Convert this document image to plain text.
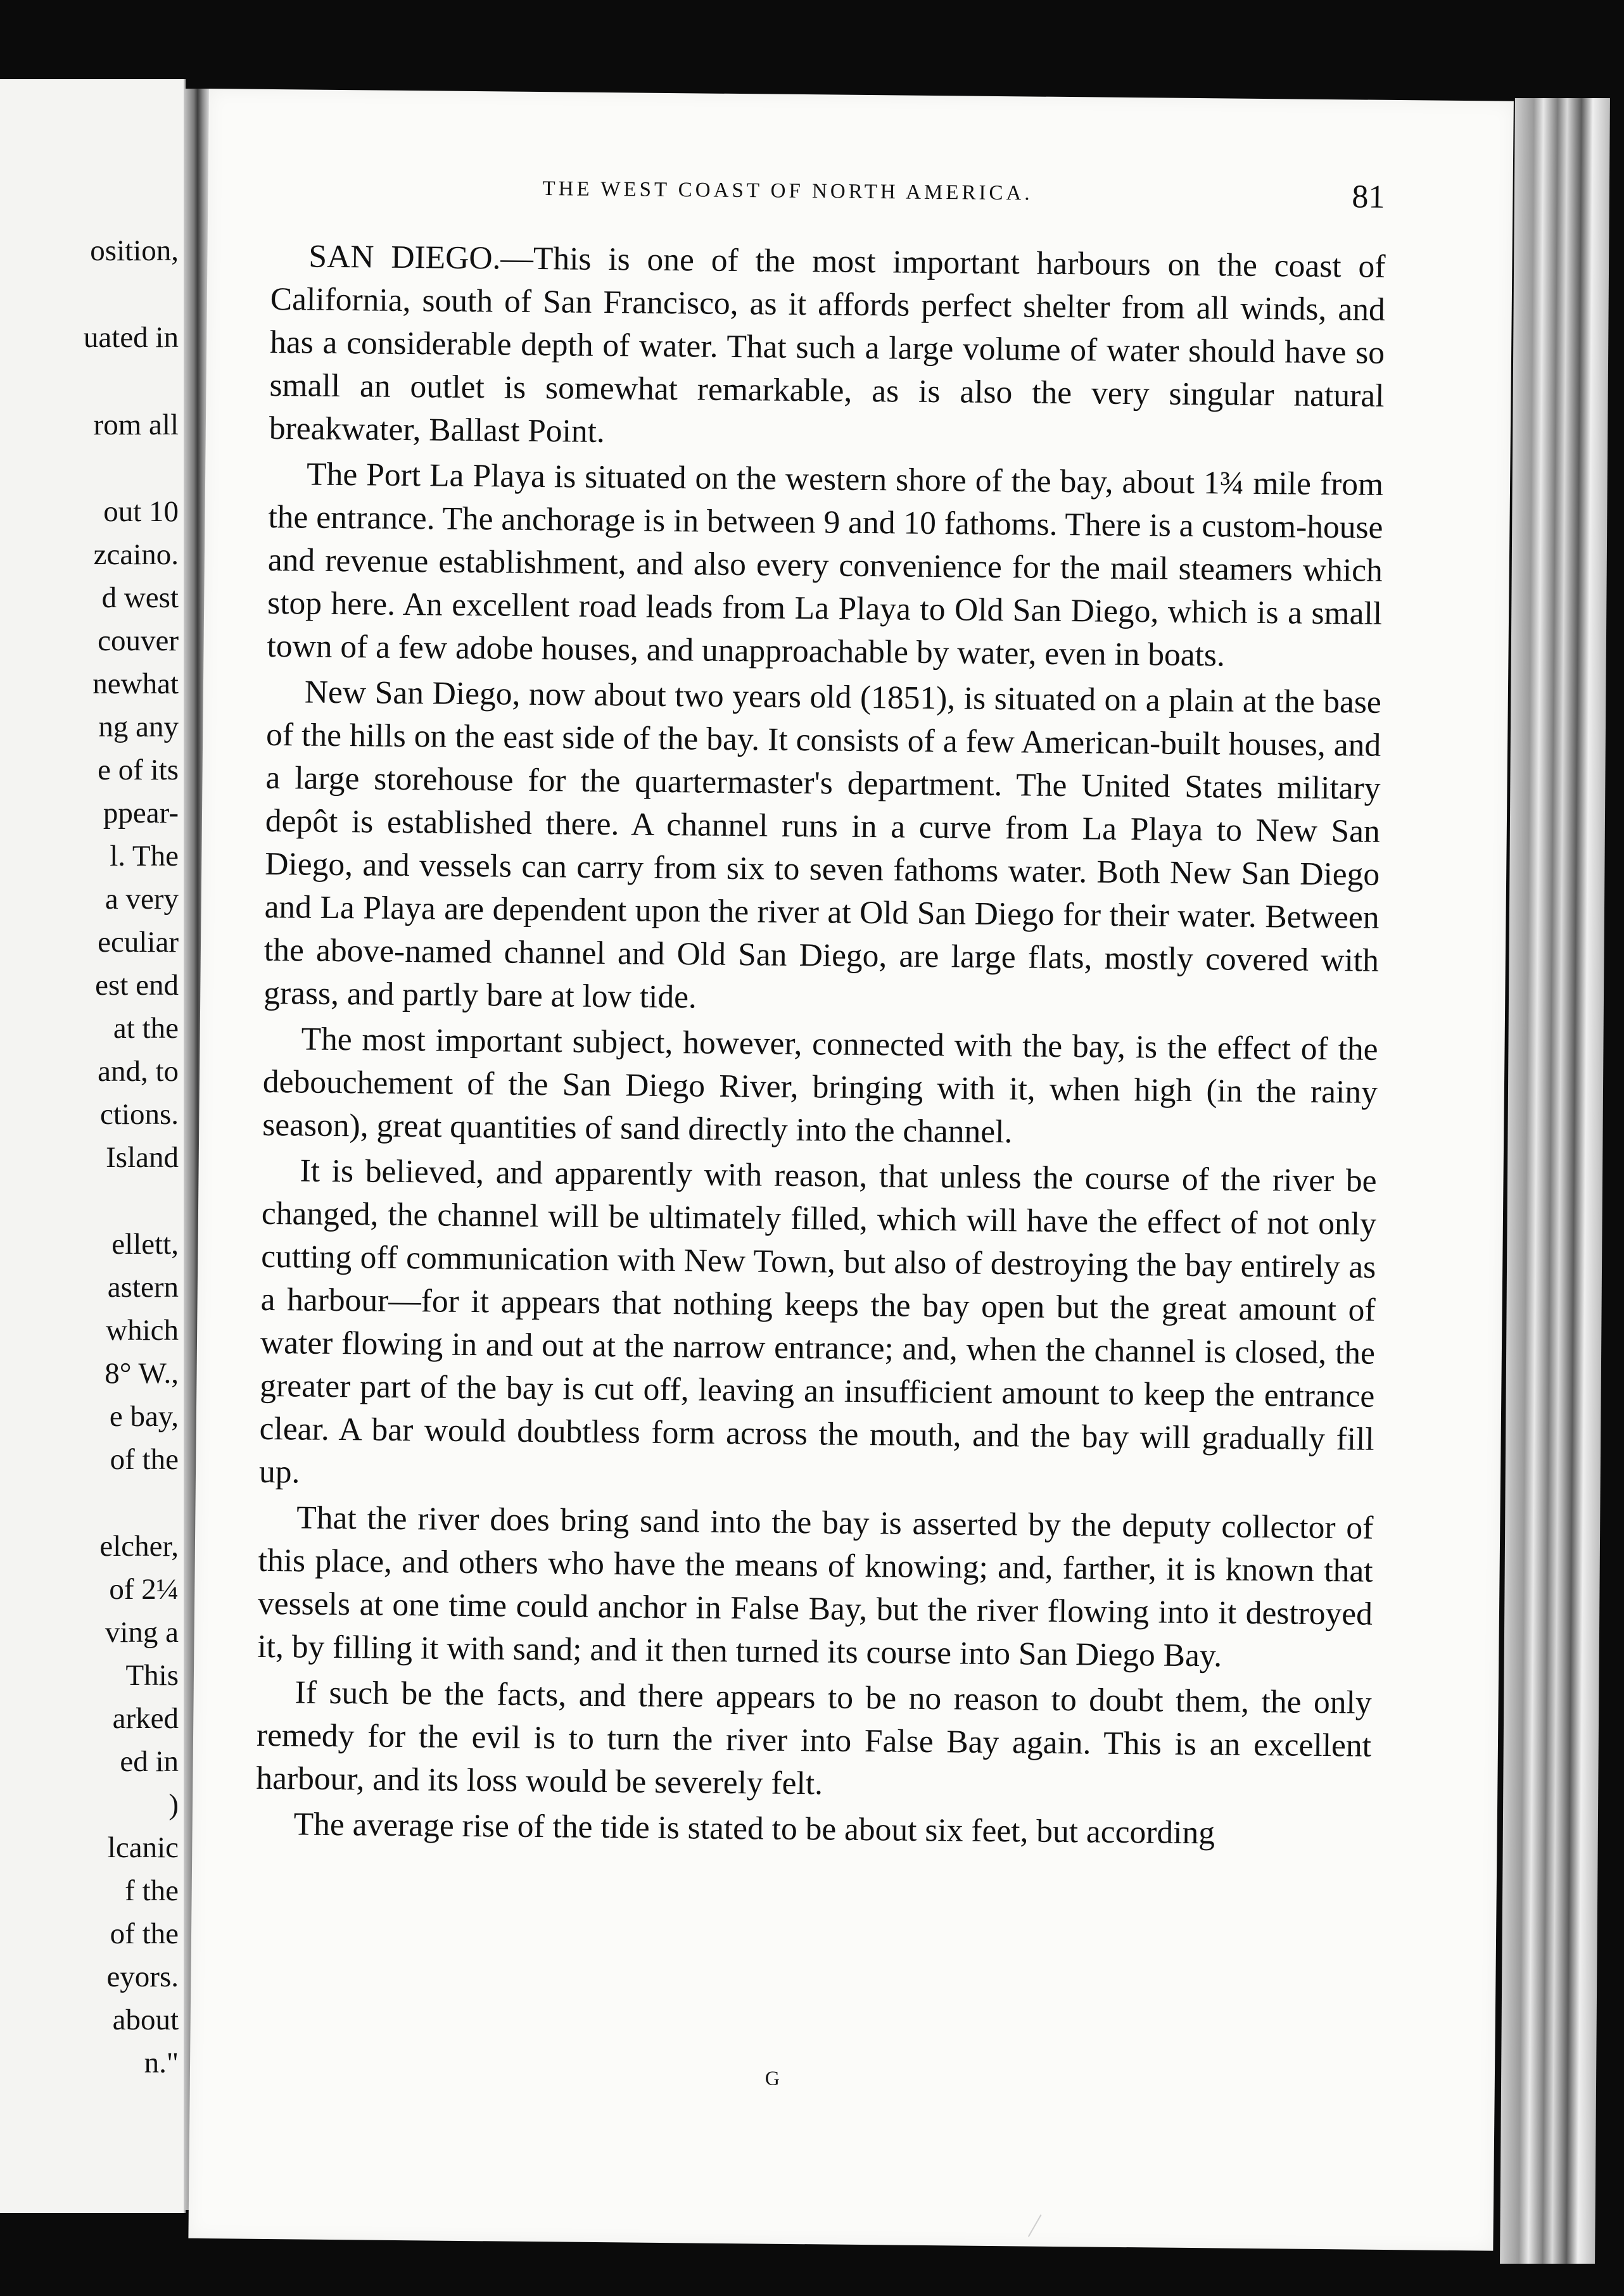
osition,
uated in
rom all
out 10
zcaino.
d west
couver
newhat
ng any
e of its
ppear-
l. The
a very
eculiar
est end
at the
and, to
ctions.
Island
ellett,
astern
which
8° W.,
e bay,
of the
elcher,
of 2¼
ving a
This
arked
ed in
)
lcanic
f the
of the
eyors.
about
n."
THE WEST COAST OF NORTH AMERICA.	81

SAN DIEGO.—This is one of the most important harbours on the coast of California, south of San Francisco, as it affords perfect shelter from all winds, and has a considerable depth of water. That such a large volume of water should have so small an outlet is somewhat remarkable, as is also the very singular natural breakwater, Ballast Point.

The Port La Playa is situated on the western shore of the bay, about 1¾ mile from the entrance. The anchorage is in between 9 and 10 fathoms. There is a custom-house and revenue establishment, and also every convenience for the mail steamers which stop here. An excellent road leads from La Playa to Old San Diego, which is a small town of a few adobe houses, and unapproachable by water, even in boats.

New San Diego, now about two years old (1851), is situated on a plain at the base of the hills on the east side of the bay. It consists of a few American-built houses, and a large storehouse for the quartermaster's department. The United States military depôt is established there. A channel runs in a curve from La Playa to New San Diego, and vessels can carry from six to seven fathoms water. Both New San Diego and La Playa are dependent upon the river at Old San Diego for their water. Between the above-named channel and Old San Diego, are large flats, mostly covered with grass, and partly bare at low tide.

The most important subject, however, connected with the bay, is the effect of the debouchement of the San Diego River, bringing with it, when high (in the rainy season), great quantities of sand directly into the channel.

It is believed, and apparently with reason, that unless the course of the river be changed, the channel will be ultimately filled, which will have the effect of not only cutting off communication with New Town, but also of destroying the bay entirely as a harbour—for it appears that nothing keeps the bay open but the great amount of water flowing in and out at the narrow entrance; and, when the channel is closed, the greater part of the bay is cut off, leaving an insufficient amount to keep the entrance clear. A bar would doubtless form across the mouth, and the bay will gradually fill up.

That the river does bring sand into the bay is asserted by the deputy collector of this place, and others who have the means of knowing; and, farther, it is known that vessels at one time could anchor in False Bay, but the river flowing into it destroyed it, by filling it with sand; and it then turned its course into San Diego Bay.

If such be the facts, and there appears to be no reason to doubt them, the only remedy for the evil is to turn the river into False Bay again. This is an excellent harbour, and its loss would be severely felt.

The average rise of the tide is stated to be about six feet, but according

G
